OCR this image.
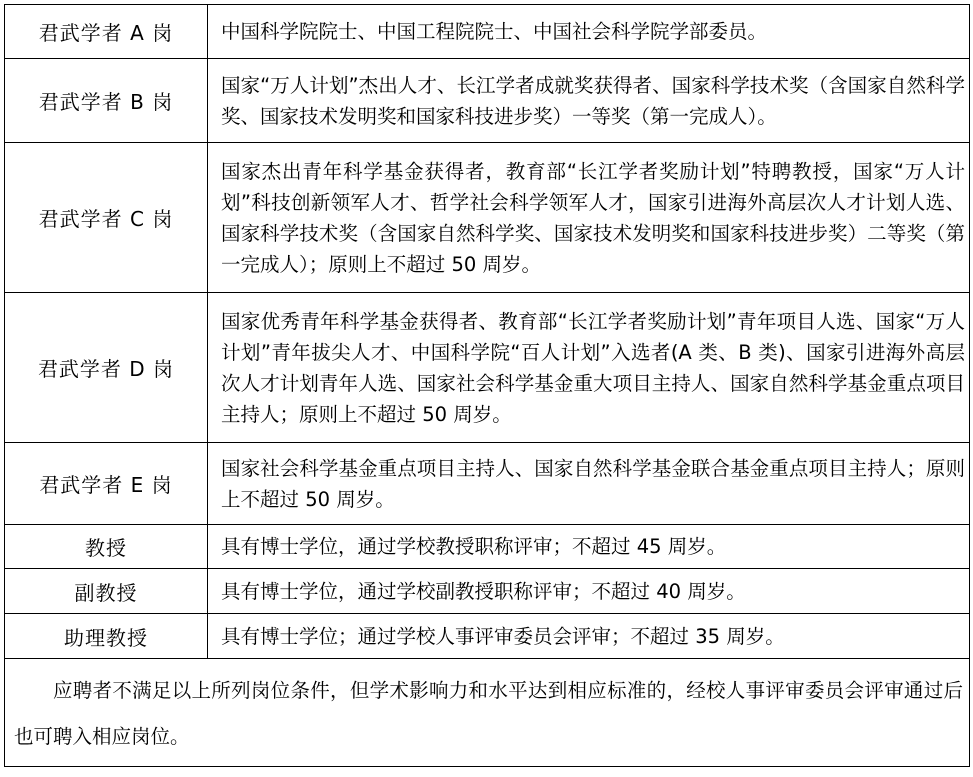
君武学者 A 岗	中国科学院院士、中国工程院院士、中国社会科学院学部委员。
君武学者 B 岗	国家“万人计划”杰出人才、长江学者成就奖获得者、国家科学技术奖（含国家自然科学奖、国家技术发明奖和国家科技进步奖）一等奖（第一完成人）。
君武学者 C 岗	国家杰出青年科学基金获得者，教育部“长江学者奖励计划”特聘教授，国家“万人计划”科技创新领军人才、哲学社会科学领军人才，国家引进海外高层次人才计划人选、国家科学技术奖（含国家自然科学奖、国家技术发明奖和国家科技进步奖）二等奖（第一完成人）；原则上不超过 50 周岁。
君武学者 D 岗	国家优秀青年科学基金获得者、教育部“长江学者奖励计划”青年项目人选、国家“万人计划”青年拔尖人才、中国科学院“百人计划”入选者(A 类、B 类)、国家引进海外高层次人才计划青年人选、国家社会科学基金重大项目主持人、国家自然科学基金重点项目主持人；原则上不超过 50 周岁。
君武学者 E 岗	国家社会科学基金重点项目主持人、国家自然科学基金联合基金重点项目主持人；原则上不超过 50 周岁。
教授	具有博士学位，通过学校教授职称评审；不超过 45 周岁。
副教授	具有博士学位，通过学校副教授职称评审；不超过 40 周岁。
助理教授	具有博士学位；通过学校人事评审委员会评审；不超过 35 周岁。

应聘者不满足以上所列岗位条件，但学术影响力和水平达到相应标准的，经校人事评审委员会评审通过后也可聘入相应岗位。	
